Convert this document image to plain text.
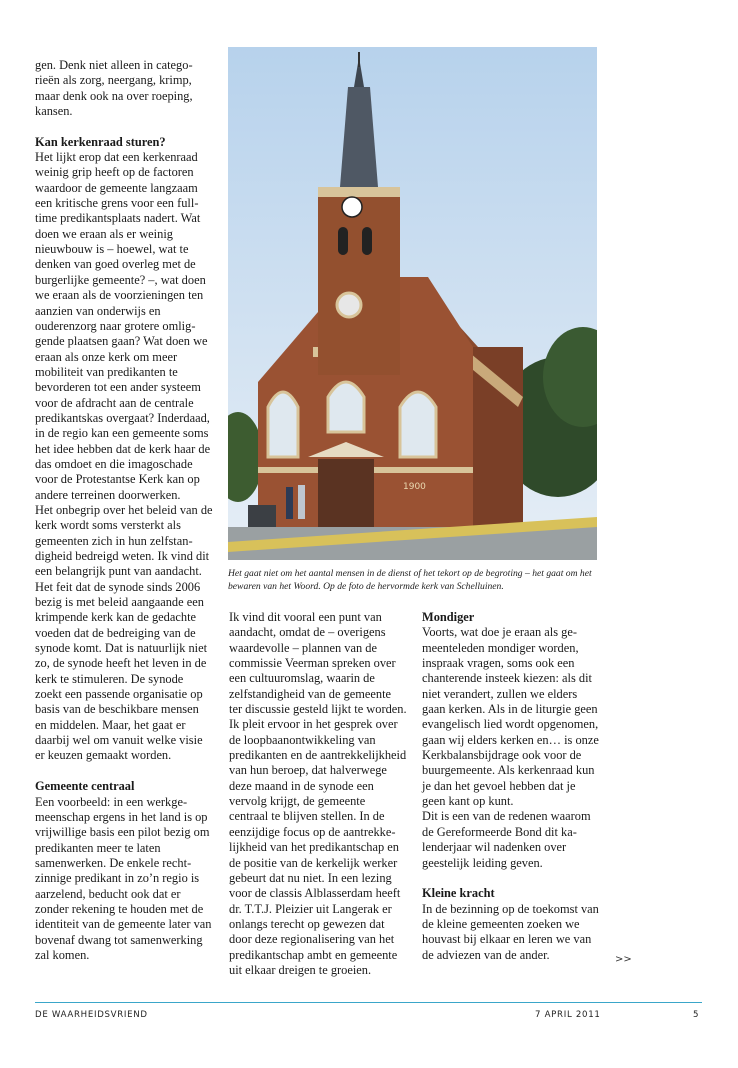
gen. Denk niet alleen in categorieën als zorg, neergang, krimp, maar denk ook na over roeping, kansen.

Kan kerkenraad sturen?

Het lijkt erop dat een kerkenraad weinig grip heeft op de factoren waardoor de gemeente langzaam een kritische grens voor een fulltime predikantsplaats nadert. Wat doen we eraan als er weinig nieuwbouw is – hoewel, wat te denken van goed overleg met de burgerlijke gemeente? –, wat doen we eraan als de voorzieningen ten aanzien van onderwijs en ouderenzorg naar grotere omliggende plaatsen gaan? Wat doen we eraan als onze kerk om meer mobiliteit van predikanten te bevorderen tot een ander systeem voor de afdracht aan de centrale predikantskas overgaat? Inderdaad, in de regio kan een gemeente soms het idee hebben dat de kerk haar de das omdoet en die imagoschade voor de Protestantse Kerk kan op andere terreinen doorwerken.

Het onbegrip over het beleid van de kerk wordt soms versterkt als gemeenten zich in hun zelfstandigheid bedreigd weten. Ik vind dit een belangrijk punt van aandacht. Het feit dat de synode sinds 2006 bezig is met beleid aangaande een krimpende kerk kan de gedachte voeden dat de bedreiging van de synode komt. Dat is natuurlijk niet zo, de synode heeft het leven in de kerk te stimuleren. De synode zoekt een passende organisatie op basis van de beschikbare mensen en middelen. Maar, het gaat er daarbij wel om vanuit welke visie er keuzen gemaakt worden.

Gemeente centraal

Een voorbeeld: in een werkgemeenschap ergens in het land is op vrijwillige basis een pilot bezig om predikanten meer te laten samenwerken. De enkele rechtzinnige predikant in zo’n regio is aarzelend, beducht ook dat er zonder rekening te houden met de identiteit van de gemeente later van bovenaf dwang tot samenwerking zal komen.

1900
Het gaat niet om het aantal mensen in de dienst of het tekort op de begroting – het gaat om het bewaren van het Woord. Op de foto de hervormde kerk van Schelluinen.

Ik vind dit vooral een punt van aandacht, omdat de – overigens waardevolle – plannen van de commissie Veerman spreken over een cultuuromslag, waarin de zelfstandigheid van de gemeente ter discussie gesteld lijkt te worden. Ik pleit ervoor in het gesprek over de loopbaanontwikkeling van predikanten en de aantrekkelijkheid van hun beroep, dat halverwege deze maand in de synode een vervolg krijgt, de gemeente centraal te blijven stellen. In de eenzijdige focus op de aantrekkelijkheid van het predikantschap en de positie van de kerkelijk werker gebeurt dat nu niet. In een lezing voor de classis Alblasserdam heeft dr. T.T.J. Pleizier uit Langerak er onlangs terecht op gewezen dat door deze regionalisering van het predikantschap ambt en gemeente uit elkaar dreigen te groeien.

Mondiger

Voorts, wat doe je eraan als gemeenteleden mondiger worden, inspraak vragen, soms ook een chanterende insteek kiezen: als dit niet verandert, zullen we elders gaan kerken. Als in de liturgie geen evangelisch lied wordt opgenomen, gaan wij elders kerken en… is onze Kerkbalansbijdrage ook voor de buurgemeente. Als kerkenraad kun je dan het gevoel hebben dat je geen kant op kunt.

Dit is een van de redenen waarom de Gereformeerde Bond dit kalenderjaar wil nadenken over geestelijk leiding geven.

Kleine kracht

In de bezinning op de toekomst van de kleine gemeenten zoeken we houvast bij elkaar en leren we van de adviezen van de ander.	>>
DE WAARHEIDSVRIEND	7 APRIL 2011	5
